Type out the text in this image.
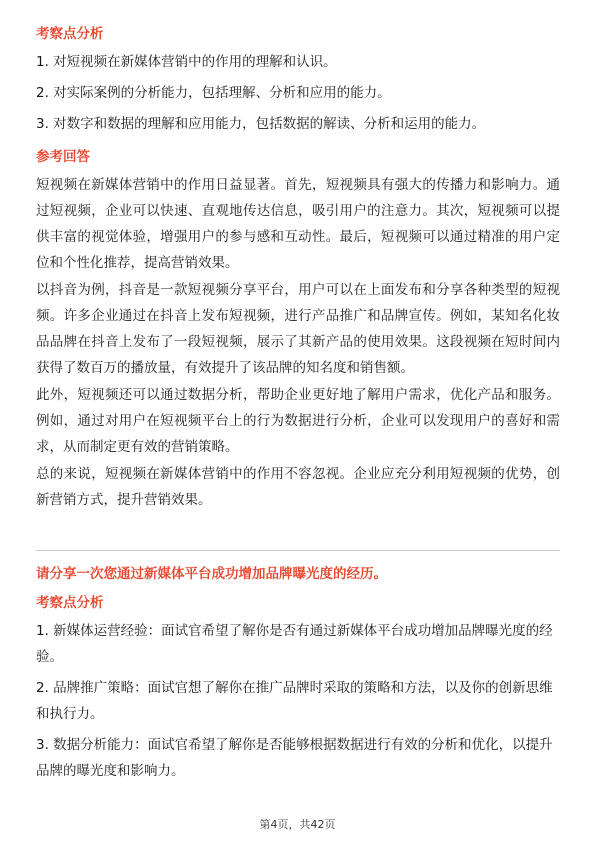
考察点分析
1. 对短视频在新媒体营销中的作用的理解和认识。
2. 对实际案例的分析能力，包括理解、分析和应用的能力。
3. 对数字和数据的理解和应用能力，包括数据的解读、分析和运用的能力。
参考回答
短视频在新媒体营销中的作用日益显著。首先，短视频具有强大的传播力和影响力。通过短视频，企业可以快速、直观地传达信息，吸引用户的注意力。其次，短视频可以提供丰富的视觉体验，增强用户的参与感和互动性。最后，短视频可以通过精准的用户定位和个性化推荐，提高营销效果。
以抖音为例，抖音是一款短视频分享平台，用户可以在上面发布和分享各种类型的短视频。许多企业通过在抖音上发布短视频，进行产品推广和品牌宣传。例如，某知名化妆品品牌在抖音上发布了一段短视频，展示了其新产品的使用效果。这段视频在短时间内获得了数百万的播放量，有效提升了该品牌的知名度和销售额。
此外，短视频还可以通过数据分析，帮助企业更好地了解用户需求，优化产品和服务。例如，通过对用户在短视频平台上的行为数据进行分析，企业可以发现用户的喜好和需求，从而制定更有效的营销策略。
总的来说，短视频在新媒体营销中的作用不容忽视。企业应充分利用短视频的优势，创新营销方式，提升营销效果。
请分享一次您通过新媒体平台成功增加品牌曝光度的经历。
考察点分析
1. 新媒体运营经验：面试官希望了解你是否有通过新媒体平台成功增加品牌曝光度的经验。
2. 品牌推广策略：面试官想了解你在推广品牌时采取的策略和方法，以及你的创新思维和执行力。
3. 数据分析能力：面试官希望了解你是否能够根据数据进行有效的分析和优化，以提升品牌的曝光度和影响力。
第4页，共42页
